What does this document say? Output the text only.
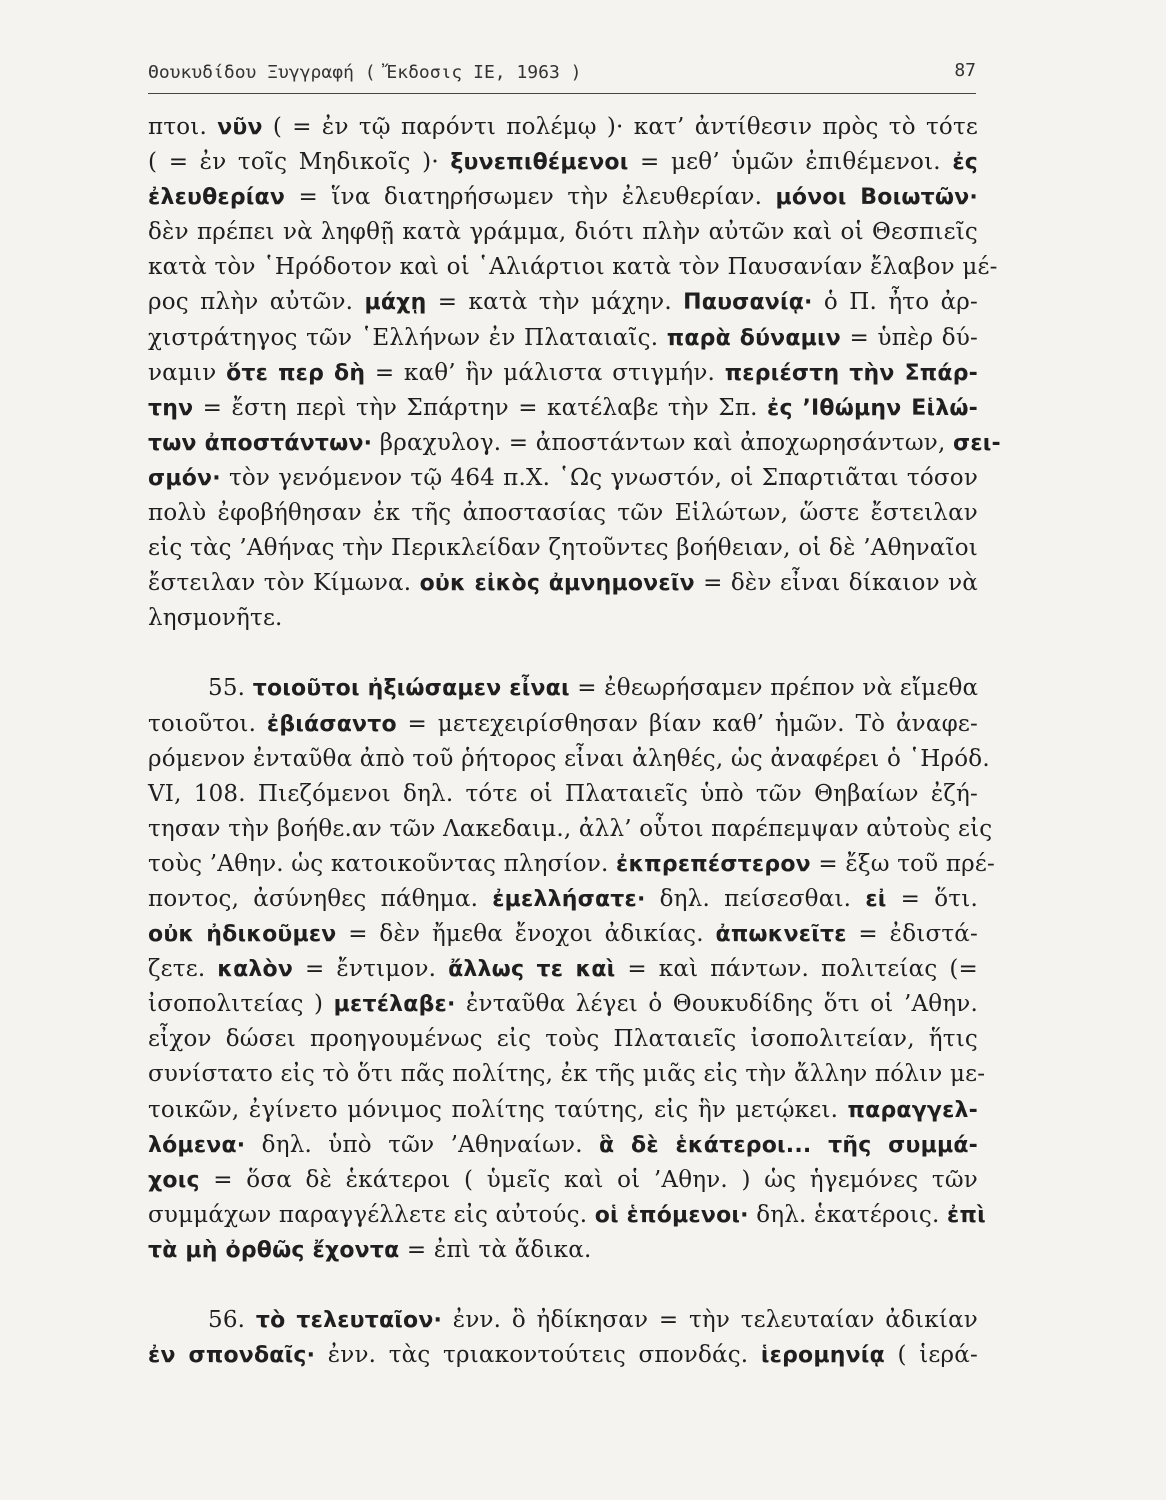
Θουκυδίδου Ξυγγραφή ( Ἔκδοσις ΙΕ, 1963 )	87
πτοι. νῦν ( = ἐν τῷ παρόντι πολέμῳ )· κατ’ ἀντίθεσιν πρὸς τὸ τότε
( = ἐν τοῖς Μηδικοῖς )· ξυνεπιθέμενοι = μεθ’ ὑμῶν ἐπιθέμενοι. ἐς
ἐλευθερίαν = ἵνα διατηρήσωμεν τὴν ἐλευθερίαν. μόνοι Βοιωτῶν·
δὲν πρέπει νὰ ληφθῇ κατὰ γράμμα, διότι πλὴν αὐτῶν καὶ οἱ Θεσπιεῖς
κατὰ τὸν ῾Ηρόδοτον καὶ οἱ ῾Αλιάρτιοι κατὰ τὸν Παυσανίαν ἔλαβον μέ-
ρος πλὴν αὐτῶν. μάχῃ = κατὰ τὴν μάχην. Παυσανίᾳ· ὁ Π. ἦτο ἀρ-
χιστράτηγος τῶν ῾Ελλήνων ἐν Πλαταιαῖς. παρὰ δύναμιν = ὑπὲρ δύ-
ναμιν ὅτε περ δὴ = καθ’ ἣν μάλιστα στιγμήν. περιέστη τὴν Σπάρ-
την = ἔστη περὶ τὴν Σπάρτην = κατέλαβε τὴν Σπ. ἐς ’Ιθώμην Εἱλώ-
των ἀποστάντων· βραχυλογ. = ἀποστάντων καὶ ἀποχωρησάντων, σει-
σμόν· τὸν γενόμενον τῷ 464 π.Χ. ῾Ως γνωστόν, οἱ Σπαρτιᾶται τόσον
πολὺ ἐφοβήθησαν ἐκ τῆς ἀποστασίας τῶν Εἱλώτων, ὥστε ἔστειλαν
εἰς τὰς ’Αθήνας τὴν Περικλείδαν ζητοῦντες βοήθειαν, οἱ δὲ ’Αθηναῖοι
ἔστειλαν τὸν Κίμωνα. οὐκ εἰκὸς ἀμνημονεῖν = δὲν εἶναι δίκαιον νὰ
λησμονῆτε.
55. τοιοῦτοι ἠξιώσαμεν εἶναι = ἐθεωρήσαμεν πρέπον νὰ εἴμεθα
τοιοῦτοι. ἐβιάσαντο = μετεχειρίσθησαν βίαν καθ’ ἡμῶν. Τὸ ἀναφε-
ρόμενον ἐνταῦθα ἀπὸ τοῦ ῥήτορος εἶναι ἀληθές, ὡς ἀναφέρει ὁ ῾Ηρόδ.
VI, 108. Πιεζόμενοι δηλ. τότε οἱ Πλαταιεῖς ὑπὸ τῶν Θηβαίων ἐζή-
τησαν τὴν βοήθε.αν τῶν Λακεδαιμ., ἀλλ’ οὗτοι παρέπεμψαν αὐτοὺς εἰς
τοὺς ’Αθην. ὡς κατοικοῦντας πλησίον. ἐκπρεπέστερον = ἔξω τοῦ πρέ-
ποντος, ἀσύνηθες πάθημα. ἐμελλήσατε· δηλ. πείσεσθαι. εἰ = ὅτι.
οὐκ ἠδικοῦμεν = δὲν ἤμεθα ἔνοχοι ἀδικίας. ἀπωκνεῖτε = ἐδιστά-
ζετε. καλὸν = ἔντιμον. ἄλλως τε καὶ = καὶ πάντων. πολιτείας (=
ἰσοπολιτείας ) μετέλαβε· ἐνταῦθα λέγει ὁ Θουκυδίδης ὅτι οἱ ’Αθην.
εἶχον δώσει προηγουμένως εἰς τοὺς Πλαταιεῖς ἰσοπολιτείαν, ἥτις
συνίστατο εἰς τὸ ὅτι πᾶς πολίτης, ἐκ τῆς μιᾶς εἰς τὴν ἄλλην πόλιν με-
τοικῶν, ἐγίνετο μόνιμος πολίτης ταύτης, εἰς ἣν μετῴκει. παραγγελ-
λόμενα· δηλ. ὑπὸ τῶν ’Αθηναίων. ἃ δὲ ἑκάτεροι... τῆς συμμά-
χοις = ὅσα δὲ ἑκάτεροι ( ὑμεῖς καὶ οἱ ’Αθην. ) ὡς ἡγεμόνες τῶν
συμμάχων παραγγέλλετε εἰς αὐτούς. οἱ ἑπόμενοι· δηλ. ἑκατέροις. ἐπὶ
τὰ μὴ ὀρθῶς ἔχοντα = ἐπὶ τὰ ἄδικα.
56. τὸ τελευταῖον· ἐνν. ὃ ἠδίκησαν = τὴν τελευταίαν ἀδικίαν
ἐν σπονδαῖς· ἐνν. τὰς τριακοντούτεις σπονδάς. ἱερομηνίᾳ ( ἱερά-
